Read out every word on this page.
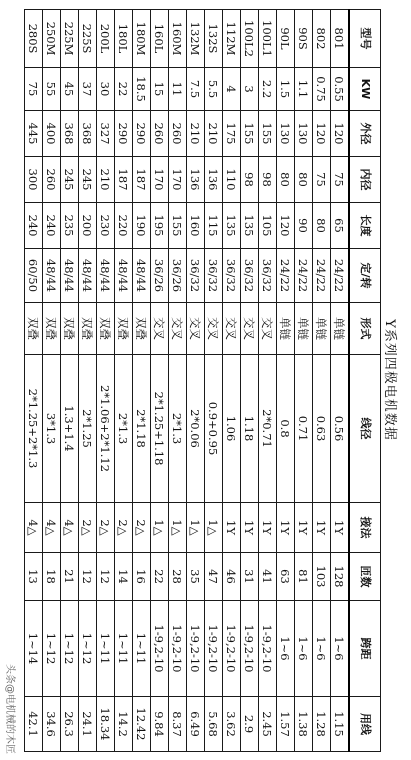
Y系列四极电机数据
型号	KW	外径	内径	长度	定/转	形式	线径	接法	匝数	跨距	用线
801	0.55	120	75	65	24/22	单链	0.56	1Y	128	1~6	1.15
802	0.75	120	75	80	24/22	单链	0.63	1Y	103	1~6	1.28
90S	1.1	130	80	90	24/22	单链	0.71	1Y	81	1~6	1.38
90L	1.5	130	80	120	24/22	单链	0.8	1Y	63	1~6	1.57
100L1	2.2	155	98	105	36/32	交叉	2*0.71	1Y	41	1-9,2-10	2.45
100L2	3	155	98	135	36/32	交叉	1.18	1Y	31	1-9,2-10	2.9
112M	4	175	110	135	36/32	交叉	1.06	1Y	46	1-9,2-10	3.62
132S	5.5	210	136	115	36/32	交叉	0.9+0.95	1△	47	1-9,2-10	5.68
132M	7.5	210	136	160	36/32	交叉	2*0.06	1△	35	1-9,2-10	6.49
160M	11	260	170	155	36/26	交叉	2*1.3	1△	28	1-9,2-10	8.37
160L	15	260	170	195	36/26	交叉	2*1.25+1.18	1△	22	1-9,2-10	9.84
180M	18.5	290	187	190	48/44	双叠	2*1.18	2△	16	1~11	12.42
180L	22	290	187	220	48/44	双叠	2*1.3	2△	14	1~11	14.2
200L	30	327	210	230	48/44	双叠	2*1.06+2*1.12	2△	12	1~11	18.34
225S	37	368	245	200	48/44	双叠	2*1.25	2△	12	1~12	24.1
225M	45	368	245	235	48/44	双叠	1.3+1.4	4△	21	1~12	26.3
250M	55	400	260	240	48/44	双叠	3*1.3	4△	18	1~12	34.6
280S	75	445	300	240	60/50	双叠	2*1.25+2*1.3	4△	13	1~14	42.1
头条@电机械的木匠
